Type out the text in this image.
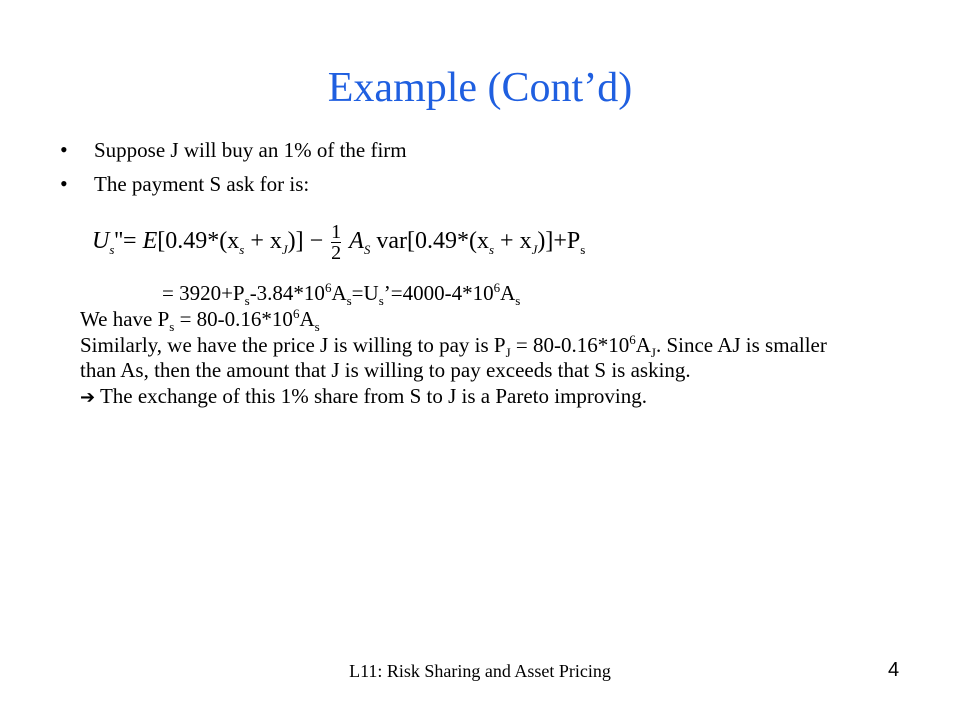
Example (Cont’d)
• Suppose J will buy an 1% of the firm
• The payment S ask for is:
$U_s''= E[0.49*(x_s + x_J)] - \frac{1}{2} A_S$ $var[0.49*(x_s + x_J)]+P_s$
= $3920+P_s-3.84*10^6A_s=U_s’=4000-4*10^6A_s$
We have $P_s = 80-0.16*10^6A_s$
Similarly, we have the price J is willing to pay is $P_J = 80-0.16*10^6A_J$. Since AJ is smaller
than As, then the amount that J is willing to pay exceeds that S is asking.
➔ The exchange of this 1% share from S to J is a Pareto improving.
L11: Risk Sharing and Asset Pricing	4
